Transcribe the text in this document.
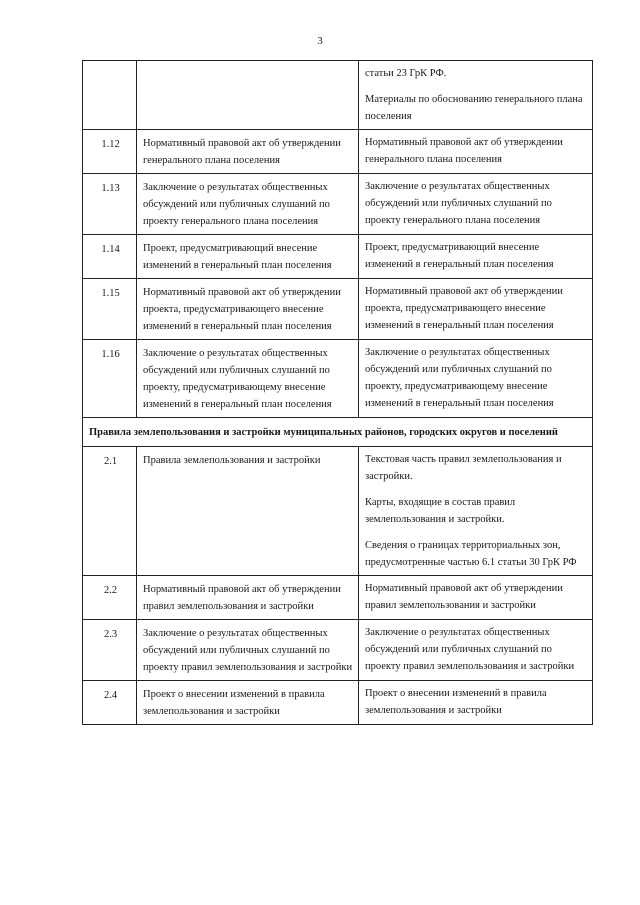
3

		статьи 23 ГрК РФ.
Материалы по обоснованию генерального плана поселения

1.12	Нормативный правовой акт об утверждении генерального плана поселения	Нормативный правовой акт об утверждении генерального плана поселения

1.13	Заключение о результатах общественных обсуждений или публичных слушаний по проекту генерального плана поселения	Заключение о результатах общественных обсуждений или публичных слушаний по проекту генерального плана поселения

1.14	Проект, предусматривающий внесение изменений в генеральный план поселения	Проект, предусматривающий внесение изменений в генеральный план поселения

1.15	Нормативный правовой акт об утверждении проекта, предусматривающего внесение изменений в генеральный план поселения	Нормативный правовой акт об утверждении проекта, предусматривающего внесение изменений в генеральный план поселения

1.16	Заключение о результатах общественных обсуждений или публичных слушаний по проекту, предусматривающему внесение изменений в генеральный план поселения	Заключение о результатах общественных обсуждений или публичных слушаний по проекту, предусматривающему внесение изменений в генеральный план поселения

Правила землепользования и застройки муниципальных районов, городских округов и поселений		
2.1	Правила землепользования и застройки	Текстовая часть правил землепользования и застройки.
Карты, входящие в состав правил землепользования и застройки.
Сведения о границах территориальных зон, предусмотренные частью 6.1 статьи 30 ГрК РФ

2.2	Нормативный правовой акт об утверждении правил землепользования и застройки	Нормативный правовой акт об утверждении правил землепользования и застройки

2.3	Заключение о результатах общественных обсуждений или публичных слушаний по проекту правил землепользования и застройки	Заключение о результатах общественных обсуждений или публичных слушаний по проекту правил землепользования и застройки

2.4	Проект о внесении изменений в правила землепользования и застройки	Проект о внесении изменений в правила землепользования и застройки
